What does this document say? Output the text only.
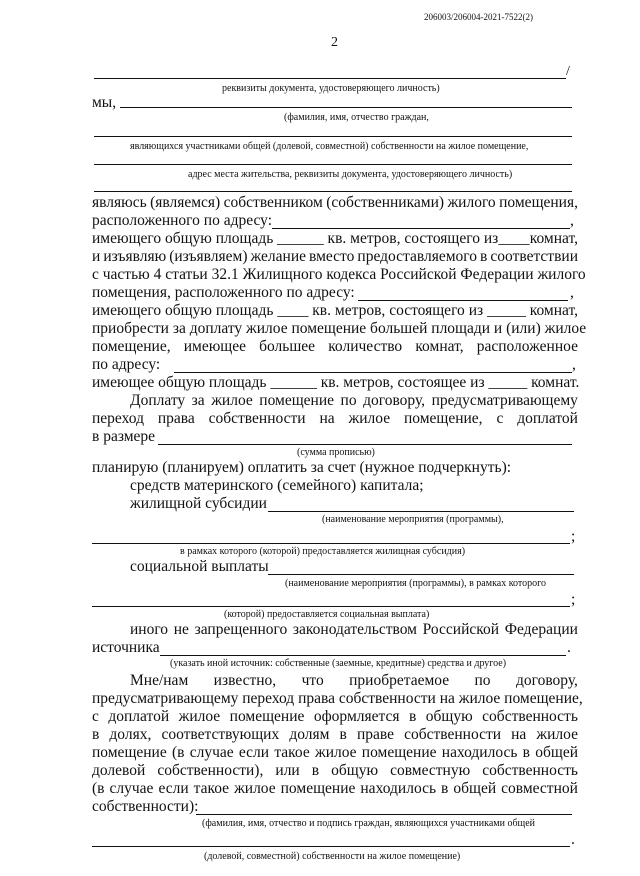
206003/206004-2021-7522(2)
2
/
реквизиты документа, удостоверяющего личность)
мы,
(фамилия, имя, отчество граждан,
являющихся участниками общей (долевой, совместной) собственности на жилое помещение,
адрес места жительства, реквизиты документа, удостоверяющего личность)
являюсь (являемся) собственником (собственниками) жилого помещения,
расположенного по адресу:	,
имеющего общую площадь ______ кв. метров, состоящего из ____ комнат,
и изъявляю (изъявляем) желание вместо предоставляемого в соответствии
с частью 4 статьи 32.1 Жилищного кодекса Российской Федерации жилого
помещения, расположенного по адресу:	,
имеющего общую площадь ____ кв. метров, состоящего из _____ комнат,
приобрести за доплату жилое помещение большей площади и (или) жилое
помещение, имеющее большее количество комнат, расположенное
по адресу:	,
имеющее общую площадь ______ кв. метров, состоящее из _____ комнат.
Доплату за жилое помещение по договору, предусматривающему
переход права собственности на жилое помещение, с доплатой
в размере
(сумма прописью)
планирую (планируем) оплатить за счет (нужное подчеркнуть):
средств материнского (семейного) капитала;
жилищной субсидии
(наименование мероприятия (программы),
;
в рамках которого (которой) предоставляется жилищная субсидия)
социальной выплаты
(наименование мероприятия (программы), в рамках которого
;
(которой) предоставляется социальная выплата)
иного не запрещенного законодательством Российской Федерации
источника	.
(указать иной источник: собственные (заемные, кредитные) средства и другое)
Мне/нам известно, что приобретаемое по договору,
предусматривающему переход права собственности на жилое помещение,
с доплатой жилое помещение оформляется в общую собственность
в долях, соответствующих долям в праве собственности на жилое
помещение (в случае если такое жилое помещение находилось в общей
долевой собственности), или в общую совместную собственность
(в случае если такое жилое помещение находилось в общей совместной
собственности):
(фамилия, имя, отчество и подпись граждан, являющихся участниками общей
.
(долевой, совместной) собственности на жилое помещение)
